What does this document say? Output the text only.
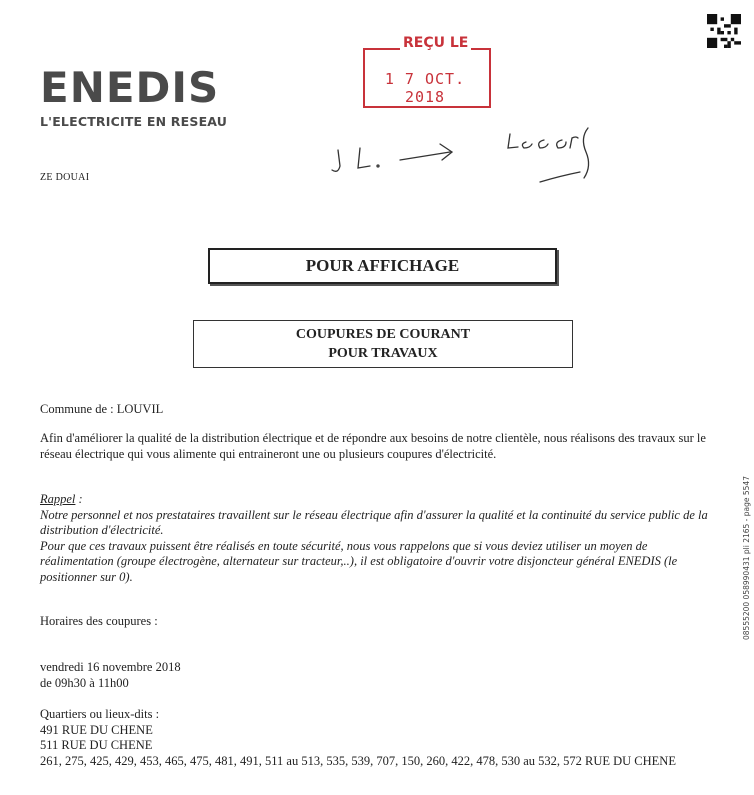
ENEDIS
L'ELECTRICITE EN RESEAU
REÇU LE
1 7 OCT. 2018
ZE DOUAI
POUR AFFICHAGE
COUPURES DE COURANT
POUR TRAVAUX
Commune de : LOUVIL
Afin d'améliorer la qualité de la distribution électrique et de répondre aux besoins de notre clientèle, nous réalisons des travaux sur le réseau électrique qui vous alimente qui entraineront une ou plusieurs coupures d'électricité.
Rappel :
Notre personnel et nos prestataires travaillent sur le réseau électrique afin d'assurer la qualité et la continuité du service public de la distribution d'électricité.
Pour que ces travaux puissent être réalisés en toute sécurité, nous vous rappelons que si vous deviez utiliser un moyen de réalimentation (groupe électrogène, alternateur sur tracteur,..), il est obligatoire d'ouvrir votre disjoncteur général ENEDIS (le positionner sur 0).
Horaires des coupures :
vendredi 16 novembre 2018
de 09h30 à 11h00
Quartiers ou lieux-dits :
491 RUE DU CHENE
511 RUE DU CHENE
261, 275, 425, 429, 453, 465, 475, 481, 491, 511 au 513, 535, 539, 707, 150, 260, 422, 478, 530 au 532, 572 RUE DU CHENE
08555200 058990431 pli 2165 - page 5547
